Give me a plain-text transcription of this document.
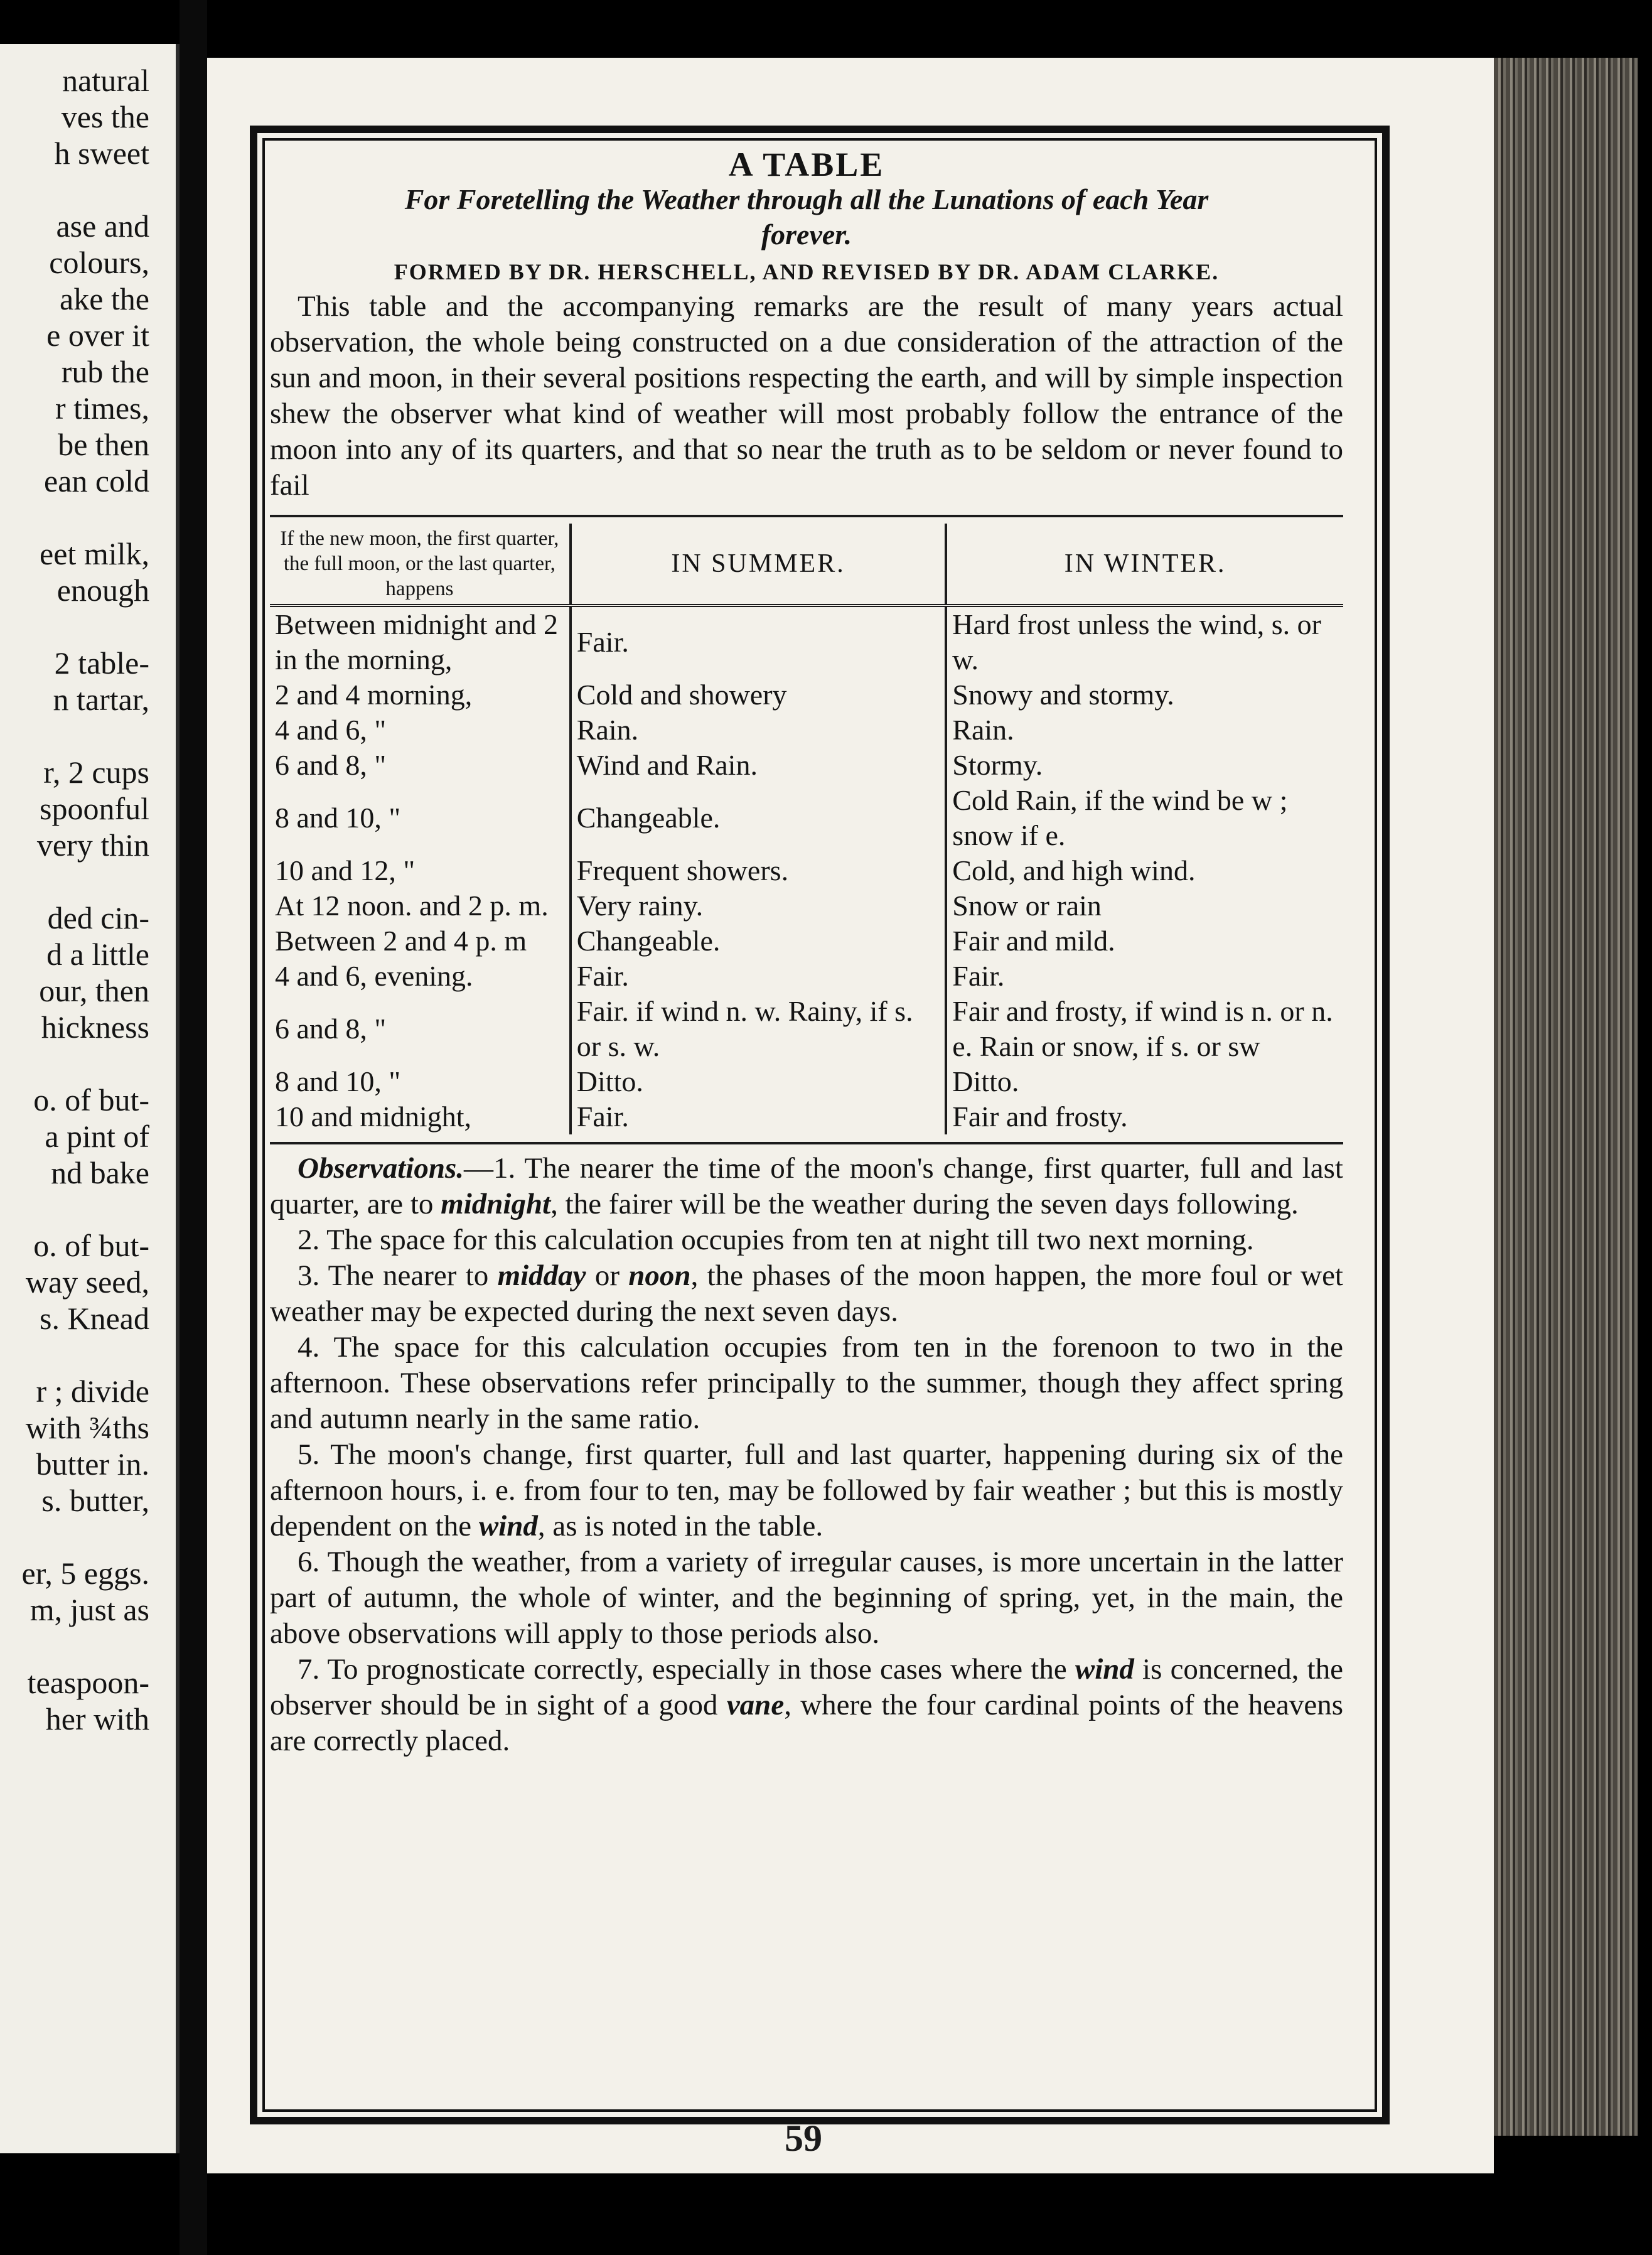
natural
ves the
h sweet
ase and
colours,
ake the
e over it
rub the
r times,
be then
ean cold
eet milk,
enough
2 table-
n tartar,
r, 2 cups
spoonful
very thin
ded cin-
d a little
our, then
hickness
o. of but-
a pint of
nd bake
o. of but-
way seed,
s. Knead
r ; divide
with ¾ths
butter in.
s. butter,
er, 5 eggs.
m, just as
teaspoon-
her with
A TABLE
For Foretelling the Weather through all the Lunations of each Year
forever.
FORMED BY DR. HERSCHELL, AND REVISED BY DR. ADAM CLARKE.
This table and the accompanying remarks are the result of many years actual observation, the whole being constructed on a due consideration of the attraction of the sun and moon, in their several positions respecting the earth, and will by simple inspection shew the observer what kind of weather will most probably follow the entrance of the moon into any of its quarters, and that so near the truth as to be seldom or never found to fail
If the new moon, the first quarter, the full moon, or the last quarter, happens	IN SUMMER.	IN WINTER.
Between midnight and 2 in the morning,	Fair.	Hard frost unless the wind, s. or w.
2 and 4 morning,	Cold and showery	Snowy and stormy.
4 and 6, "	Rain.	Rain.
6 and 8, "	Wind and Rain.	Stormy.
8 and 10, "	Changeable.	Cold Rain, if the wind be w ; snow if e.
10 and 12, "	Frequent showers.	Cold, and high wind.
At 12 noon. and 2 p. m.	Very rainy.	Snow or rain
Between 2 and 4 p. m	Changeable.	Fair and mild.
4 and 6, evening.	Fair.	Fair.
6 and 8, "	Fair. if wind n. w. Rainy, if s. or s. w.	Fair and frosty, if wind is n. or n. e. Rain or snow, if s. or sw
8 and 10, "	Ditto.	Ditto.
10 and midnight,	Fair.	Fair and frosty.

Observations.—1. The nearer the time of the moon's change, first quarter, full and last quarter, are to midnight, the fairer will be the weather during the seven days following.

2. The space for this calculation occupies from ten at night till two next morning.

3. The nearer to midday or noon, the phases of the moon happen, the more foul or wet weather may be expected during the next seven days.

4. The space for this calculation occupies from ten in the forenoon to two in the afternoon. These observations refer principally to the summer, though they affect spring and autumn nearly in the same ratio.

5. The moon's change, first quarter, full and last quarter, happening during six of the afternoon hours, i. e. from four to ten, may be followed by fair weather ; but this is mostly dependent on the wind, as is noted in the table.

6. Though the weather, from a variety of irregular causes, is more uncertain in the latter part of autumn, the whole of winter, and the beginning of spring, yet, in the main, the above observations will apply to those periods also.

7. To prognosticate correctly, especially in those cases where the wind is concerned, the observer should be in sight of a good vane, where the four cardinal points of the heavens are correctly placed.

59
